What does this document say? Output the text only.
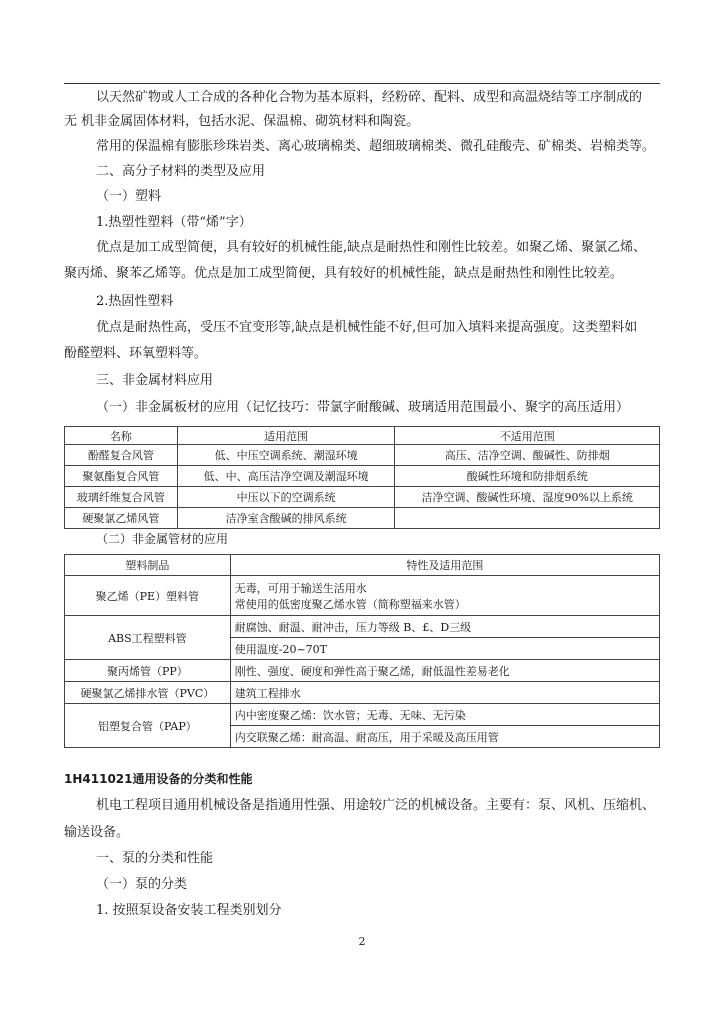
以天然矿物或人工合成的各种化合物为基本原料，经粉碎、配料、成型和高温烧结等工序制成的
无 机非金属固体材料，包括水泥、保温棉、砌筑材料和陶瓷。
常用的保温棉有膨胀珍珠岩类、离心玻璃棉类、超细玻璃棉类、微孔硅酸壳、矿棉类、岩棉类等。
二、高分子材料的类型及应用
（一）塑料
1.热塑性塑料（带“烯”字）
优点是加工成型简便，具有较好的机械性能,缺点是耐热性和刚性比较差。如聚乙烯、聚氯乙烯、
聚丙烯、聚苯乙烯等。优点是加工成型简便，具有较好的机械性能，缺点是耐热性和刚性比较差。
2.热固性塑料
优点是耐热性高，受压不宜变形等,缺点是机械性能不好,但可加入填料来提高强度。这类塑料如
酚醛塑料、环氧塑料等。
三、非金属材料应用
（一）非金属板材的应用（记忆技巧：带氯字耐酸碱、玻璃适用范围最小、聚字的高压适用）
名称	适用范围	不适用范围
酚醛复合风管	低、中压空调系统、潮湿环境	高压、洁净空调、酸碱性、防排烟
聚氨酯复合风管	低、中、高压洁净空调及潮湿环境	酸碱性环境和防排烟系统
玻璃纤维复合风管	中压以下的空调系统	洁净空调、酸碱性环境、湿度90%以上系统
硬聚氯乙烯风管	洁净室含酸碱的排风系统	
（二）非金属管材的应用
塑料制品	特性及适用范围
聚乙烯（PE）塑料管	无毒，可用于输送生活用水
常使用的低密度聚乙烯水管（简称塑福来水管）

ABS工程塑料管	耐腐蚀、耐温、耐冲击，压力等级 B、£、D三级
	使用温度-20~70T
聚丙烯管（PP）	刚性、强度、硬度和弹性高于聚乙烯，耐低温性差易老化
硬聚氯乙烯排水管（PVC）	建筑工程排水
铝塑复合管（PAP）	内中密度聚乙烯：饮水管；无毒、无味、无污染
	内交联聚乙烯：耐高温、耐高压，用于采暖及高压用管
1H411021通用设备的分类和性能
机电工程项目通用机械设备是指通用性强、用途较广泛的机械设备。主要有：泵、风机、压缩机、
输送设备。
一、泵的分类和性能
（一）泵的分类
1. 按照泵设备安装工程类别划分
2
